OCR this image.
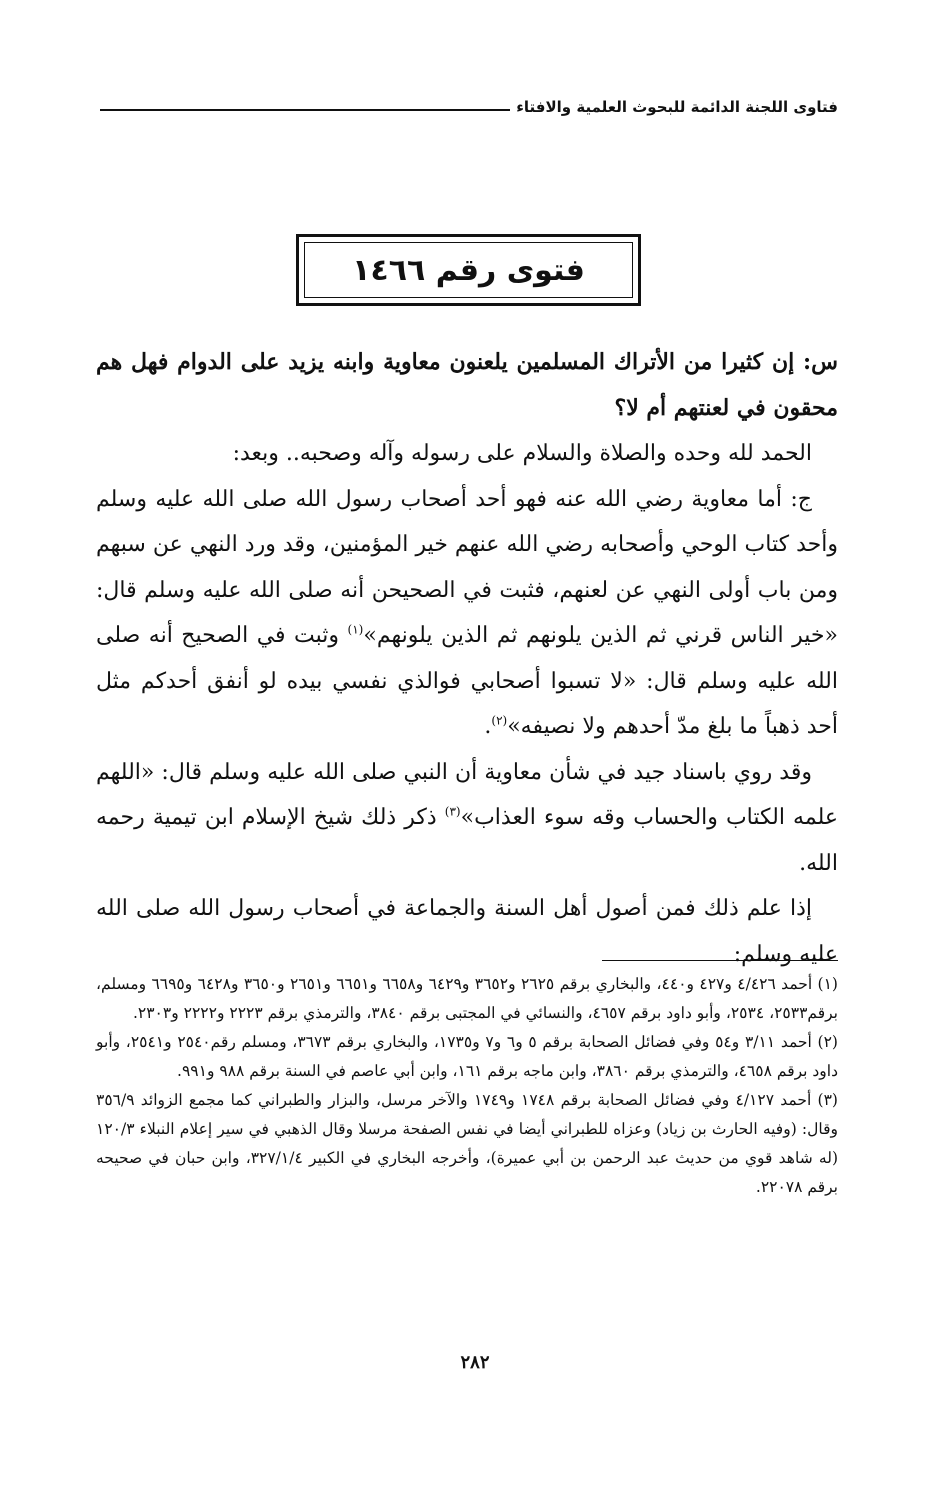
فتاوى اللجنة الدائمة للبحوث العلمية والافتاء
فتوى رقم ١٤٦٦

س: إن كثيرا من الأتراك المسلمين يلعنون معاوية وابنه يزيد على الدوام فهل هم محقون في لعنتهم أم لا؟

الحمد لله وحده والصلاة والسلام على رسوله وآله وصحبه.. وبعد:

ج: أما معاوية رضي الله عنه فهو أحد أصحاب رسول الله صلى الله عليه وسلم وأحد كتاب الوحي وأصحابه رضي الله عنهم خير المؤمنين، وقد ورد النهي عن سبهم ومن باب أولى النهي عن لعنهم، فثبت في الصحيحن أنه صلى الله عليه وسلم قال: «خير الناس قرني ثم الذين يلونهم ثم الذين يلونهم»$^{(١)}$ وثبت في الصحيح أنه صلى الله عليه وسلم قال: «لا تسبوا أصحابي فوالذي نفسي بيده لو أنفق أحدكم مثل أحد ذهباً ما بلغ مدّ أحدهم ولا نصيفه»$^{(٢)}$.

وقد روي باسناد جيد في شأن معاوية أن النبي صلى الله عليه وسلم قال: «اللهم علمه الكتاب والحساب وقه سوء العذاب»$^{(٣)}$ ذكر ذلك شيخ الإسلام ابن تيمية رحمه الله.

إذا علم ذلك فمن أصول أهل السنة والجماعة في أصحاب رسول الله صلى الله عليه وسلم:

(١) أحمد ٤/٤٢٦ و٤٢٧ و٤٤٠، والبخاري برقم ٢٦٢٥ و٣٦٥٢ و٦٤٢٩ و٦٦٥٨ و٦٦٥١ و٢٦٥١ و٣٦٥٠ و٦٤٢٨ و٦٦٩٥ ومسلم، برقم٢٥٣٣، ٢٥٣٤، وأبو داود برقم ٤٦٥٧، والنسائي في المجتبى برقم ٣٨٤٠، والترمذي برقم ٢٢٢٣ و٢٢٢٢ و٢٣٠٣.

(٢) أحمد ٣/١١ و٥٤ وفي فضائل الصحابة برقم ٥ و٦ و٧ و١٧٣٥، والبخاري برقم ٣٦٧٣، ومسلم رقم٢٥٤٠ و٢٥٤١، وأبو داود برقم ٤٦٥٨، والترمذي برقم ٣٨٦٠، وابن ماجه برقم ١٦١، وابن أبي عاصم في السنة برقم ٩٨٨ و٩٩١.

(٣) أحمد ٤/١٢٧ وفي فضائل الصحابة برقم ١٧٤٨ و١٧٤٩ والآخر مرسل، والبزار والطبراني كما مجمع الزوائد ٣٥٦/٩ وقال: (وفيه الحارث بن زياد) وعزاه للطبراني أيضا في نفس الصفحة مرسلا وقال الذهبي في سير إعلام النبلاء ١٢٠/٣ (له شاهد قوي من حديث عبد الرحمن بن أبي عميرة)، وأخرجه البخاري في الكبير ٣٢٧/١/٤، وابن حبان في صحيحه برقم ٢٢٠٧٨.

٢٨٢
